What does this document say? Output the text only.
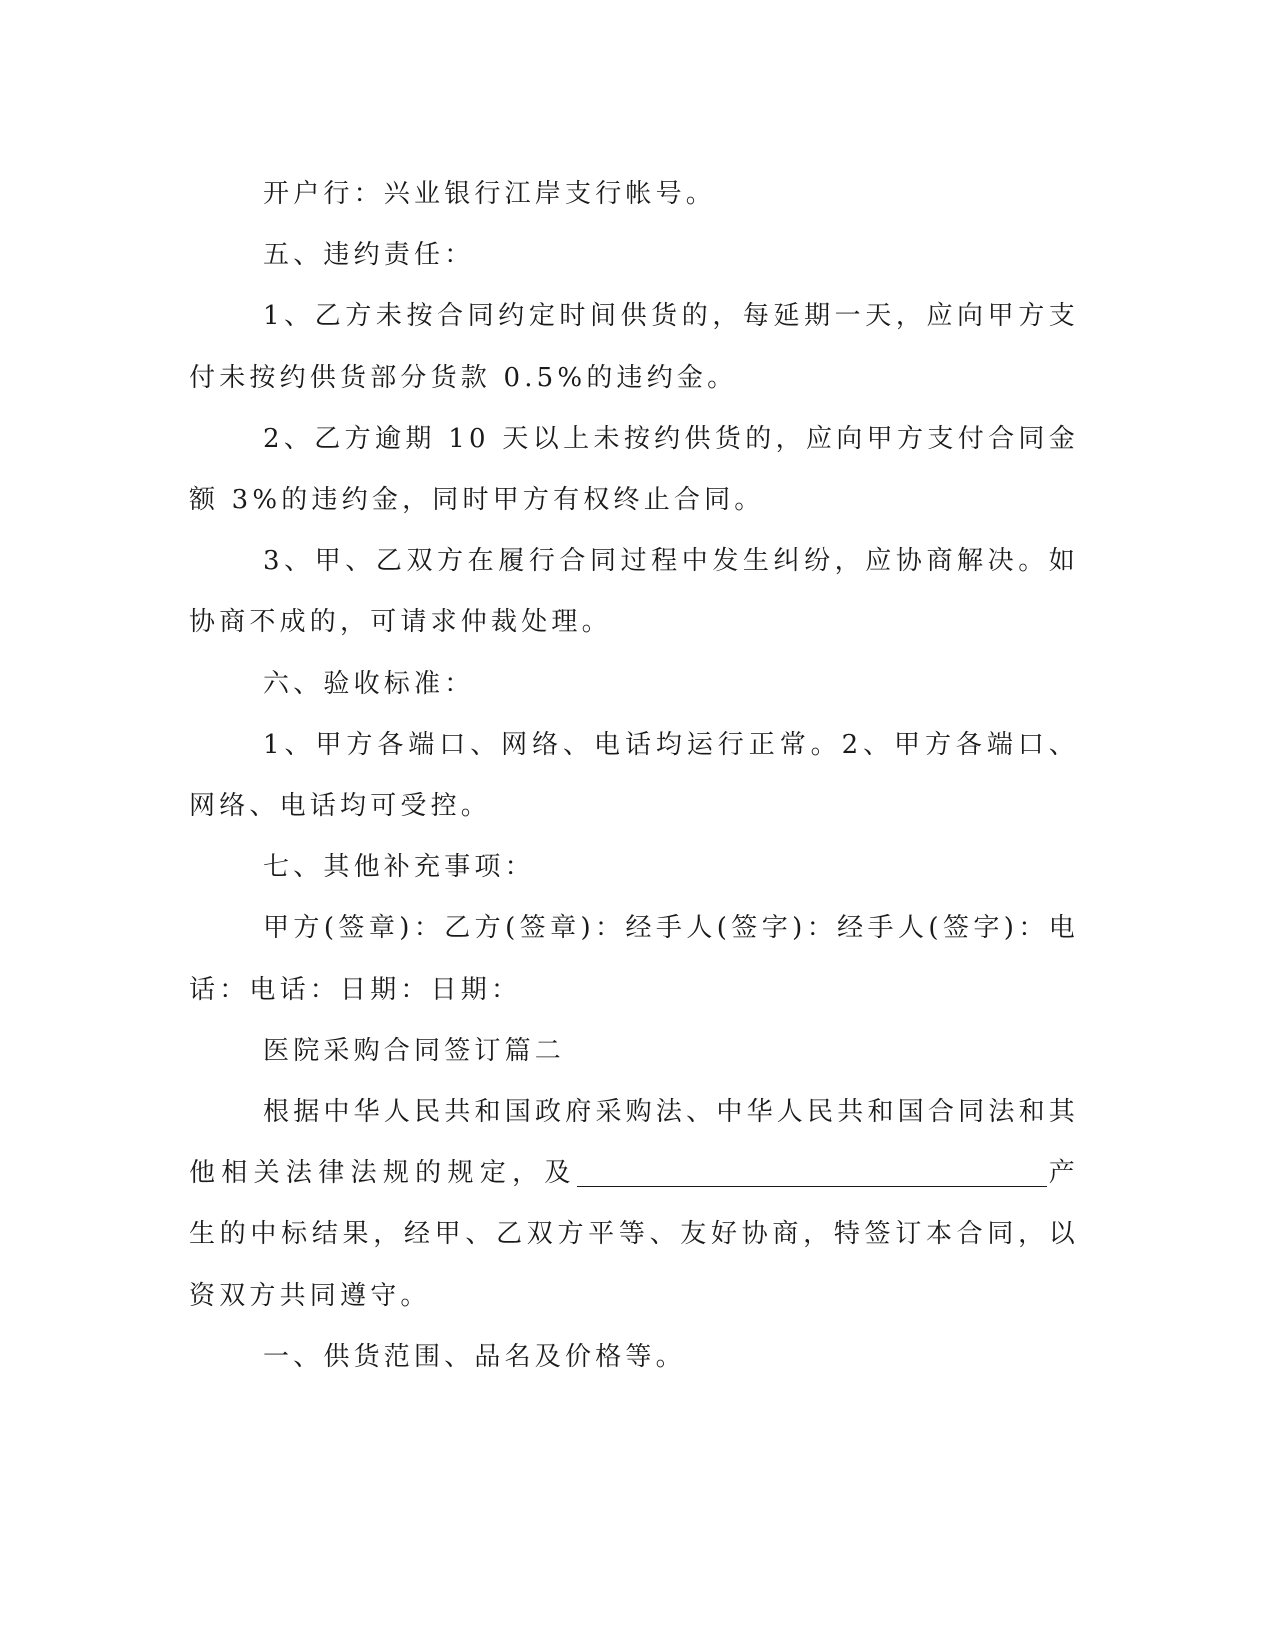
开户行：兴业银行江岸支行帐号。

五、违约责任：

1、乙方未按合同约定时间供货的，每延期一天，应向甲方支付未按约供货部分货款 0.5%的违约金。

2、乙方逾期 10 天以上未按约供货的，应向甲方支付合同金额 3%的违约金，同时甲方有权终止合同。

3、甲、乙双方在履行合同过程中发生纠纷，应协商解决。如协商不成的，可请求仲裁处理。

六、验收标准：

1、甲方各端口、网络、电话均运行正常。2、甲方各端口、网络、电话均可受控。

七、其他补充事项：

甲方(签章)：乙方(签章)：经手人(签字)：经手人(签字)：电话：电话：日期：日期：

医院采购合同签订篇二

根据中华人民共和国政府采购法、中华人民共和国合同法和其他相关法律法规的规定，及	产生的中标结果，经甲、乙双方平等、友好协商，特签订本合同，以资双方共同遵守。

一、供货范围、品名及价格等。
